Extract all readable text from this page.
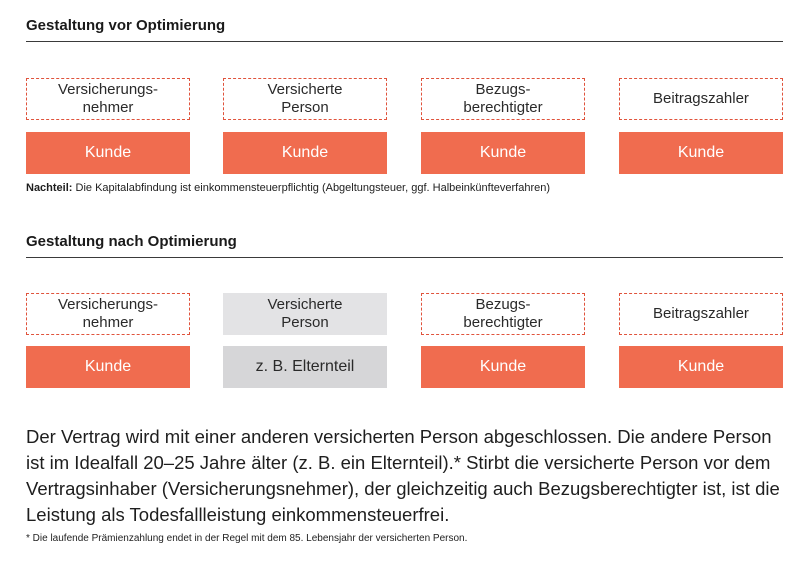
Gestaltung vor Optimierung
Versicherungs-
nehmer
Versicherte
Person
Bezugs-
berechtigter
Beitragszahler
Kunde	Kunde	Kunde	Kunde
Nachteil: Die Kapitalabfindung ist einkommensteuerpflichtig (Abgeltungsteuer, ggf. Halbeinkünfteverfahren)
Gestaltung nach Optimierung
Versicherungs-
nehmer
Versicherte
Person
Bezugs-
berechtigter
Beitragszahler
Kunde	z. B. Elternteil	Kunde	Kunde
Der Vertrag wird mit einer anderen versicherten Person abgeschlossen. Die andere Person ist im Idealfall 20–25 Jahre älter (z. B. ein Elternteil).* Stirbt die versicherte Person vor dem Vertragsinhaber (Versicherungsnehmer), der gleichzeitig auch Bezugsberechtigter ist, ist die Leistung als Todesfallleistung einkommensteuerfrei.
* Die laufende Prämienzahlung endet in der Regel mit dem 85. Lebensjahr der versicherten Person.
